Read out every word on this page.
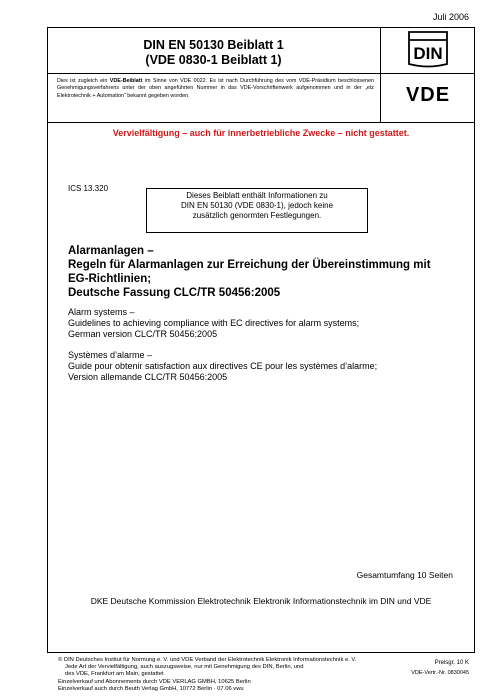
Juli 2006
DIN EN 50130 Beiblatt 1
(VDE 0830-1 Beiblatt 1)	DIN
Dies ist zugleich ein VDE-Beiblatt im Sinne von VDE 0022. Es ist nach Durchführung des vom VDE-Präsidium beschlossenen Genehmigungsverfahrens unter der oben angeführten Nummer in das VDE-Vorschriftenwerk aufgenommen und in der „etz Elektrotechnik + Automation“ bekannt gegeben worden.	VDE
Vervielfältigung – auch für innerbetriebliche Zwecke – nicht gestattet.
ICS 13.320
Dieses Beiblatt enthält Informationen zu
DIN EN 50130 (VDE 0830-1), jedoch keine
zusätzlich genormten Festlegungen.
Alarmanlagen –
Regeln für Alarmanlagen zur Erreichung der Übereinstimmung mit
EG-Richtlinien;
Deutsche Fassung CLC/TR 50456:2005
Alarm systems –
Guidelines to achieving compliance with EC directives for alarm systems;
German version CLC/TR 50456:2005
Systèmes d’alarme –
Guide pour obtenir satisfaction aux directives CE pour les systèmes d’alarme;
Version allemande CLC/TR 50456:2005
Gesamtumfang 10 Seiten
DKE Deutsche Kommission Elektrotechnik Elektronik Informationstechnik im DIN und VDE
© DIN Deutsches Institut für Normung e. V. und VDE Verband der Elektrotechnik Elektronik Informationstechnik e. V.
Jede Art der Vervielfältigung, auch auszugsweise, nur mit Genehmigung des DIN, Berlin, und
des VDE, Frankfurt am Main, gestattet
Einzelverkauf und Abonnements durch VDE VERLAG GMBH, 10625 Berlin
Einzelverkauf auch durch Beuth Verlag GmbH, 10772 Berlin · 07.06 vwu
Preisgr. 10 K
VDE-Vertr.-Nr. 0830045
